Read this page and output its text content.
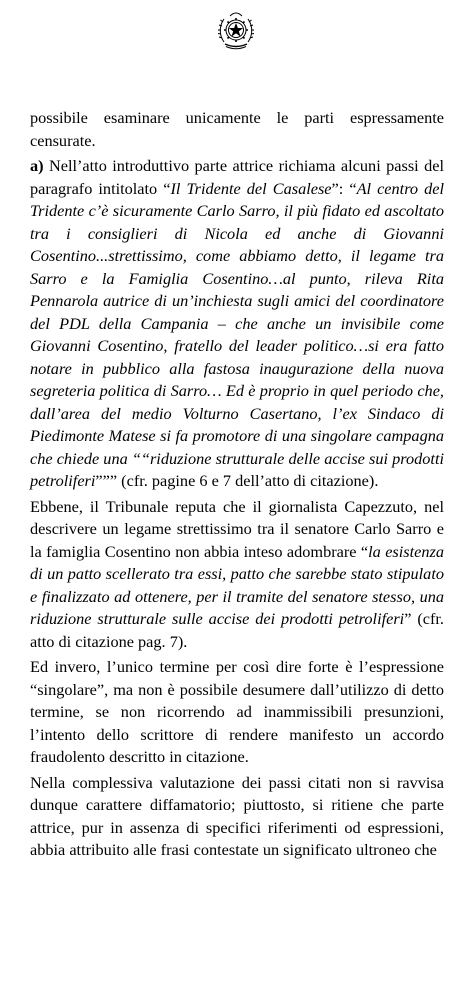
possibile esaminare unicamente le parti espressamente censurate.

a) Nell’atto introduttivo parte attrice richiama alcuni passi del paragrafo intitolato “Il Tridente del Casalese”: “Al centro del Tridente c’è sicuramente Carlo Sarro, il più fidato ed ascoltato tra i consiglieri di Nicola ed anche di Giovanni Cosentino...strettissimo, come abbiamo detto, il legame tra Sarro e la Famiglia Cosentino…al punto, rileva Rita Pennarola autrice di un’inchiesta sugli amici del coordinatore del PDL della Campania – che anche un invisibile come Giovanni Cosentino, fratello del leader politico…si era fatto notare in pubblico alla fastosa inaugurazione della nuova segreteria politica di Sarro… Ed è proprio in quel periodo che, dall’area del medio Volturno Casertano, l’ex Sindaco di Piedimonte Matese si fa promotore di una singolare campagna che chiede una ““riduzione strutturale delle accise sui prodotti petroliferi””” (cfr. pagine 6 e 7 dell’atto di citazione).

Ebbene, il Tribunale reputa che il giornalista Capezzuto, nel descrivere un legame strettissimo tra il senatore Carlo Sarro e la famiglia Cosentino non abbia inteso adombrare “la esistenza di un patto scellerato tra essi, patto che sarebbe stato stipulato e finalizzato ad ottenere, per il tramite del senatore stesso, una riduzione strutturale sulle accise dei prodotti petroliferi” (cfr. atto di citazione pag. 7).

Ed invero, l’unico termine per così dire forte è l’espressione “singolare”, ma non è possibile desumere dall’utilizzo di detto termine, se non ricorrendo ad inammissibili presunzioni, l’intento dello scrittore di rendere manifesto un accordo fraudolento descritto in citazione.

Nella complessiva valutazione dei passi citati non si ravvisa dunque carattere diffamatorio; piuttosto, si ritiene che parte attrice, pur in assenza di specifici riferimenti od espressioni, abbia attribuito alle frasi contestate un significato ultroneo che
